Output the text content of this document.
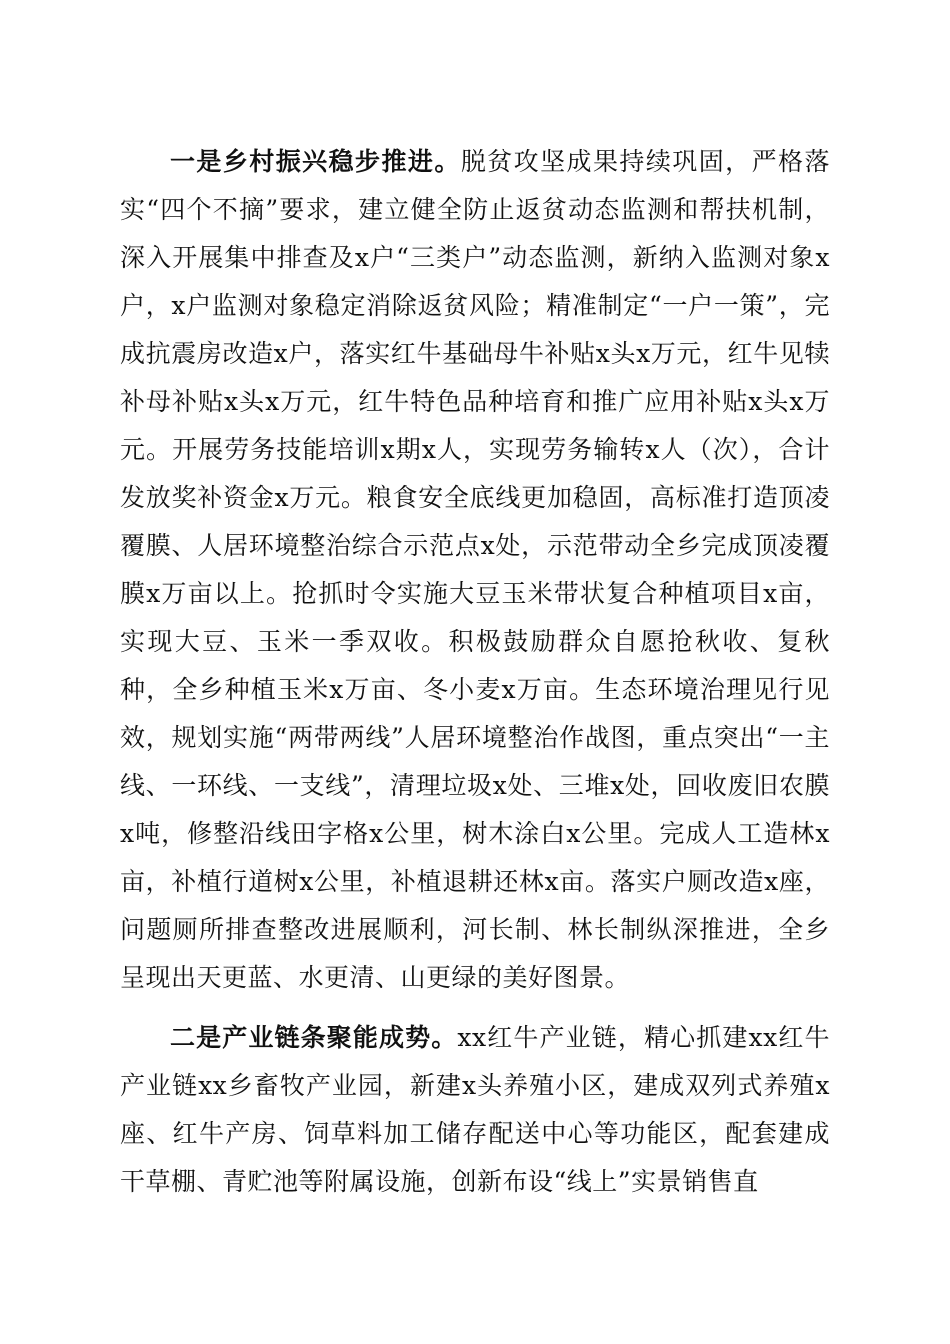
一是乡村振兴稳步推进。脱贫攻坚成果持续巩固，严格落实“四个不摘”要求，建立健全防止返贫动态监测和帮扶机制，深入开展集中排查及x户“三类户”动态监测，新纳入监测对象x户，x户监测对象稳定消除返贫风险；精准制定“一户一策”，完成抗震房改造x户，落实红牛基础母牛补贴x头x万元，红牛见犊补母补贴x头x万元，红牛特色品种培育和推广应用补贴x头x万元。开展劳务技能培训x期x人，实现劳务输转x人（次），合计发放奖补资金x万元。粮食安全底线更加稳固，高标准打造顶凌覆膜、人居环境整治综合示范点x处，示范带动全乡完成顶凌覆膜x万亩以上。抢抓时令实施大豆玉米带状复合种植项目x亩，实现大豆、玉米一季双收。积极鼓励群众自愿抢秋收、复秋种，全乡种植玉米x万亩、冬小麦x万亩。生态环境治理见行见效，规划实施“两带两线”人居环境整治作战图，重点突出“一主线、一环线、一支线”，清理垃圾x处、三堆x处，回收废旧农膜x吨，修整沿线田字格x公里，树木涂白x公里。完成人工造林x亩，补植行道树x公里，补植退耕还林x亩。落实户厕改造x座，问题厕所排查整改进展顺利，河长制、林长制纵深推进，全乡呈现出天更蓝、水更清、山更绿的美好图景。

二是产业链条聚能成势。xx红牛产业链，精心抓建xx红牛产业链xx乡畜牧产业园，新建x头养殖小区，建成双列式养殖x座、红牛产房、饲草料加工储存配送中心等功能区，配套建成干草棚、青贮池等附属设施，创新布设“线上”实景销售直
